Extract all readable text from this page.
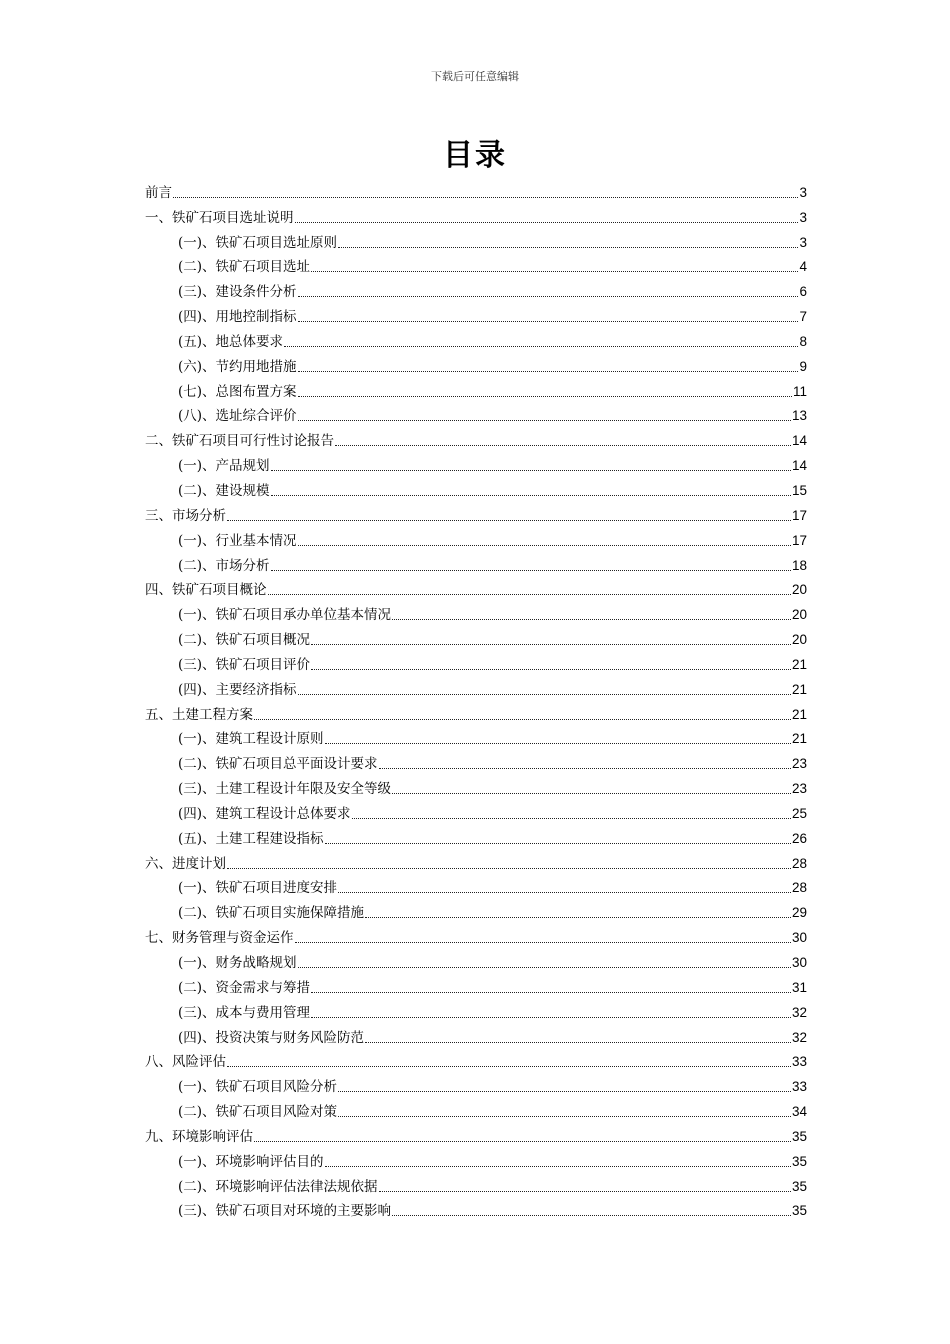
下载后可任意编辑
目录
前言	3
一、铁矿石项目选址说明	3
(一)、铁矿石项目选址原则	3
(二)、铁矿石项目选址	4
(三)、建设条件分析	6
(四)、用地控制指标	7
(五)、地总体要求	8
(六)、节约用地措施	9
(七)、总图布置方案	11
(八)、选址综合评价	13
二、铁矿石项目可行性讨论报告	14
(一)、产品规划	14
(二)、建设规模	15
三、市场分析	17
(一)、行业基本情况	17
(二)、市场分析	18
四、铁矿石项目概论	20
(一)、铁矿石项目承办单位基本情况	20
(二)、铁矿石项目概况	20
(三)、铁矿石项目评价	21
(四)、主要经济指标	21
五、土建工程方案	21
(一)、建筑工程设计原则	21
(二)、铁矿石项目总平面设计要求	23
(三)、土建工程设计年限及安全等级	23
(四)、建筑工程设计总体要求	25
(五)、土建工程建设指标	26
六、进度计划	28
(一)、铁矿石项目进度安排	28
(二)、铁矿石项目实施保障措施	29
七、财务管理与资金运作	30
(一)、财务战略规划	30
(二)、资金需求与筹措	31
(三)、成本与费用管理	32
(四)、投资决策与财务风险防范	32
八、风险评估	33
(一)、铁矿石项目风险分析	33
(二)、铁矿石项目风险对策	34
九、环境影响评估	35
(一)、环境影响评估目的	35
(二)、环境影响评估法律法规依据	35
(三)、铁矿石项目对环境的主要影响	35
